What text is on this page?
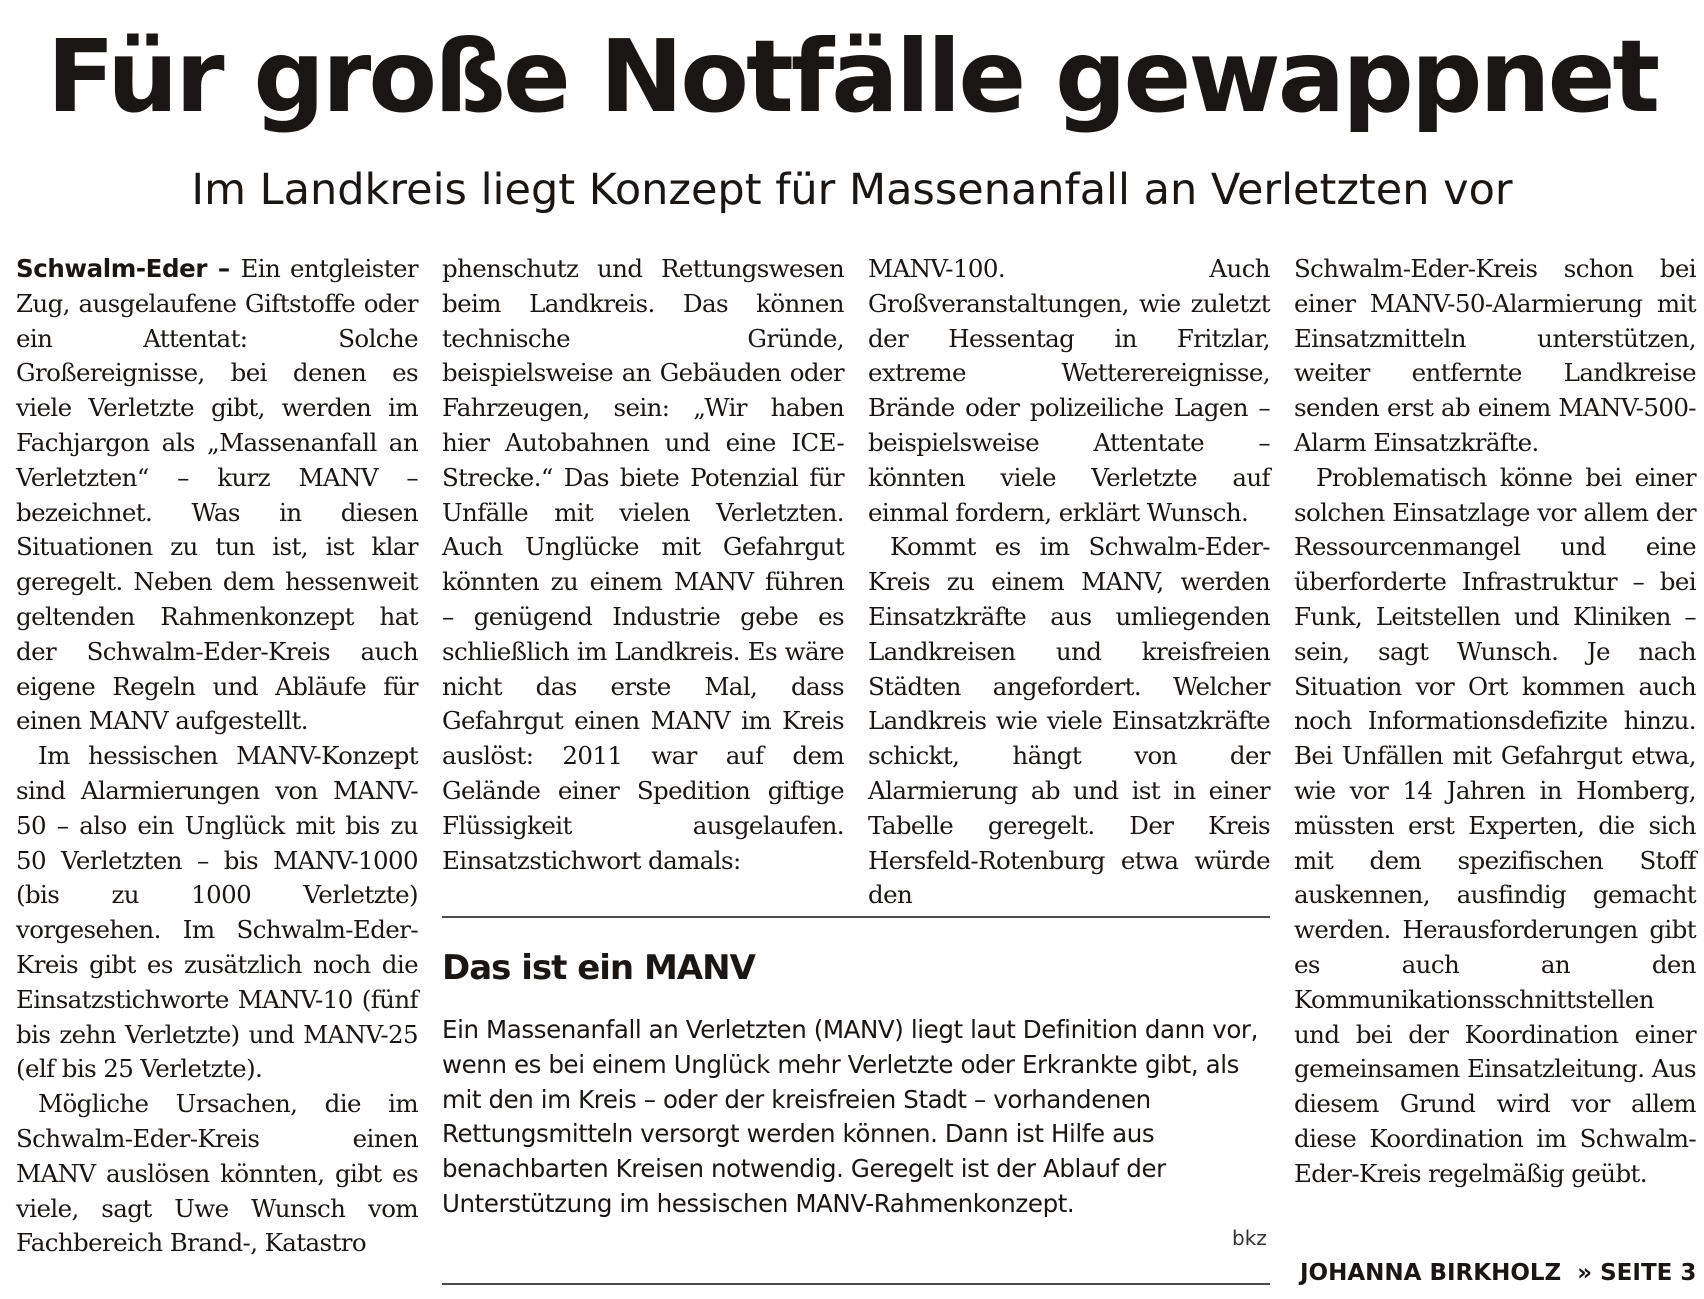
Für große Notfälle gewappnet
Im Landkreis liegt Konzept für Massenanfall an Verletzten vor

Schwalm-Eder – Ein entgleister Zug, ausgelaufene Giftstoffe oder ein Attentat: Solche Großereignisse, bei denen es viele Verletzte gibt, werden im Fachjargon als „Massenanfall an Verletzten“ – kurz MANV – bezeichnet. Was in diesen Situationen zu tun ist, ist klar geregelt. Neben dem hessenweit geltenden Rahmenkonzept hat der Schwalm-Eder-Kreis auch eigene Regeln und Abläufe für einen MANV aufgestellt.

Im hessischen MANV-Konzept sind Alarmierungen von MANV-50 – also ein Unglück mit bis zu 50 Verletzten – bis MANV-1000 (bis zu 1000 Verletzte) vorgesehen. Im Schwalm-Eder-Kreis gibt es zusätzlich noch die Einsatzstichworte MANV-10 (fünf bis zehn Verletzte) und MANV-25 (elf bis 25 Verletzte).

Mögliche Ursachen, die im Schwalm-Eder-Kreis einen MANV auslösen könnten, gibt es viele, sagt Uwe Wunsch vom Fachbereich Brand-, Katastro

phenschutz und Rettungswesen beim Landkreis. Das können technische Gründe, beispielsweise an Gebäuden oder Fahrzeugen, sein: „Wir haben hier Autobahnen und eine ICE-Strecke.“ Das biete Potenzial für Unfälle mit vielen Verletzten. Auch Unglücke mit Gefahrgut könnten zu einem MANV führen – genügend Industrie gebe es schließlich im Landkreis. Es wäre nicht das erste Mal, dass Gefahrgut einen MANV im Kreis auslöst: 2011 war auf dem Gelände einer Spedition giftige Flüssigkeit ausgelaufen. Einsatzstichwort damals:

MANV-100. Auch Großveranstaltungen, wie zuletzt der Hessentag in Fritzlar, extreme Wetterereignisse, Brände oder polizeiliche Lagen – beispielsweise Attentate – könnten viele Verletzte auf einmal fordern, erklärt Wunsch.

Kommt es im Schwalm-Eder-Kreis zu einem MANV, werden Einsatzkräfte aus umliegenden Landkreisen und kreisfreien Städten angefordert. Welcher Landkreis wie viele Einsatzkräfte schickt, hängt von der Alarmierung ab und ist in einer Tabelle geregelt. Der Kreis Hersfeld-Rotenburg etwa würde den

Schwalm-Eder-Kreis schon bei einer MANV-50-Alarmierung mit Einsatzmitteln unterstützen, weiter entfernte Landkreise senden erst ab einem MANV-500-Alarm Einsatzkräfte.

Problematisch könne bei einer solchen Einsatzlage vor allem der Ressourcenmangel und eine überforderte Infrastruktur – bei Funk, Leitstellen und Kliniken – sein, sagt Wunsch. Je nach Situation vor Ort kommen auch noch Informationsdefizite hinzu. Bei Unfällen mit Gefahrgut etwa, wie vor 14 Jahren in Homberg, müssten erst Experten, die sich mit dem spezifischen Stoff auskennen, ausfindig gemacht werden. Herausforderungen gibt es auch an den Kommunikationsschnittstellen und bei der Koordination einer gemeinsamen Einsatzleitung. Aus diesem Grund wird vor allem diese Koordination im Schwalm-Eder-Kreis regelmäßig geübt.

Das ist ein MANV
Ein Massenanfall an Verletzten (MANV) liegt laut Definition dann vor, wenn es bei einem Unglück mehr Verletzte oder Erkrankte gibt, als mit den im Kreis – oder der kreisfreien Stadt – vorhandenen Rettungsmitteln versorgt werden können. Dann ist Hilfe aus benachbarten Kreisen notwendig. Geregelt ist der Ablauf der Unterstützung im hessischen MANV-Rahmenkonzept.
bkz
JOHANNA BIRKHOLZ » SEITE 3
